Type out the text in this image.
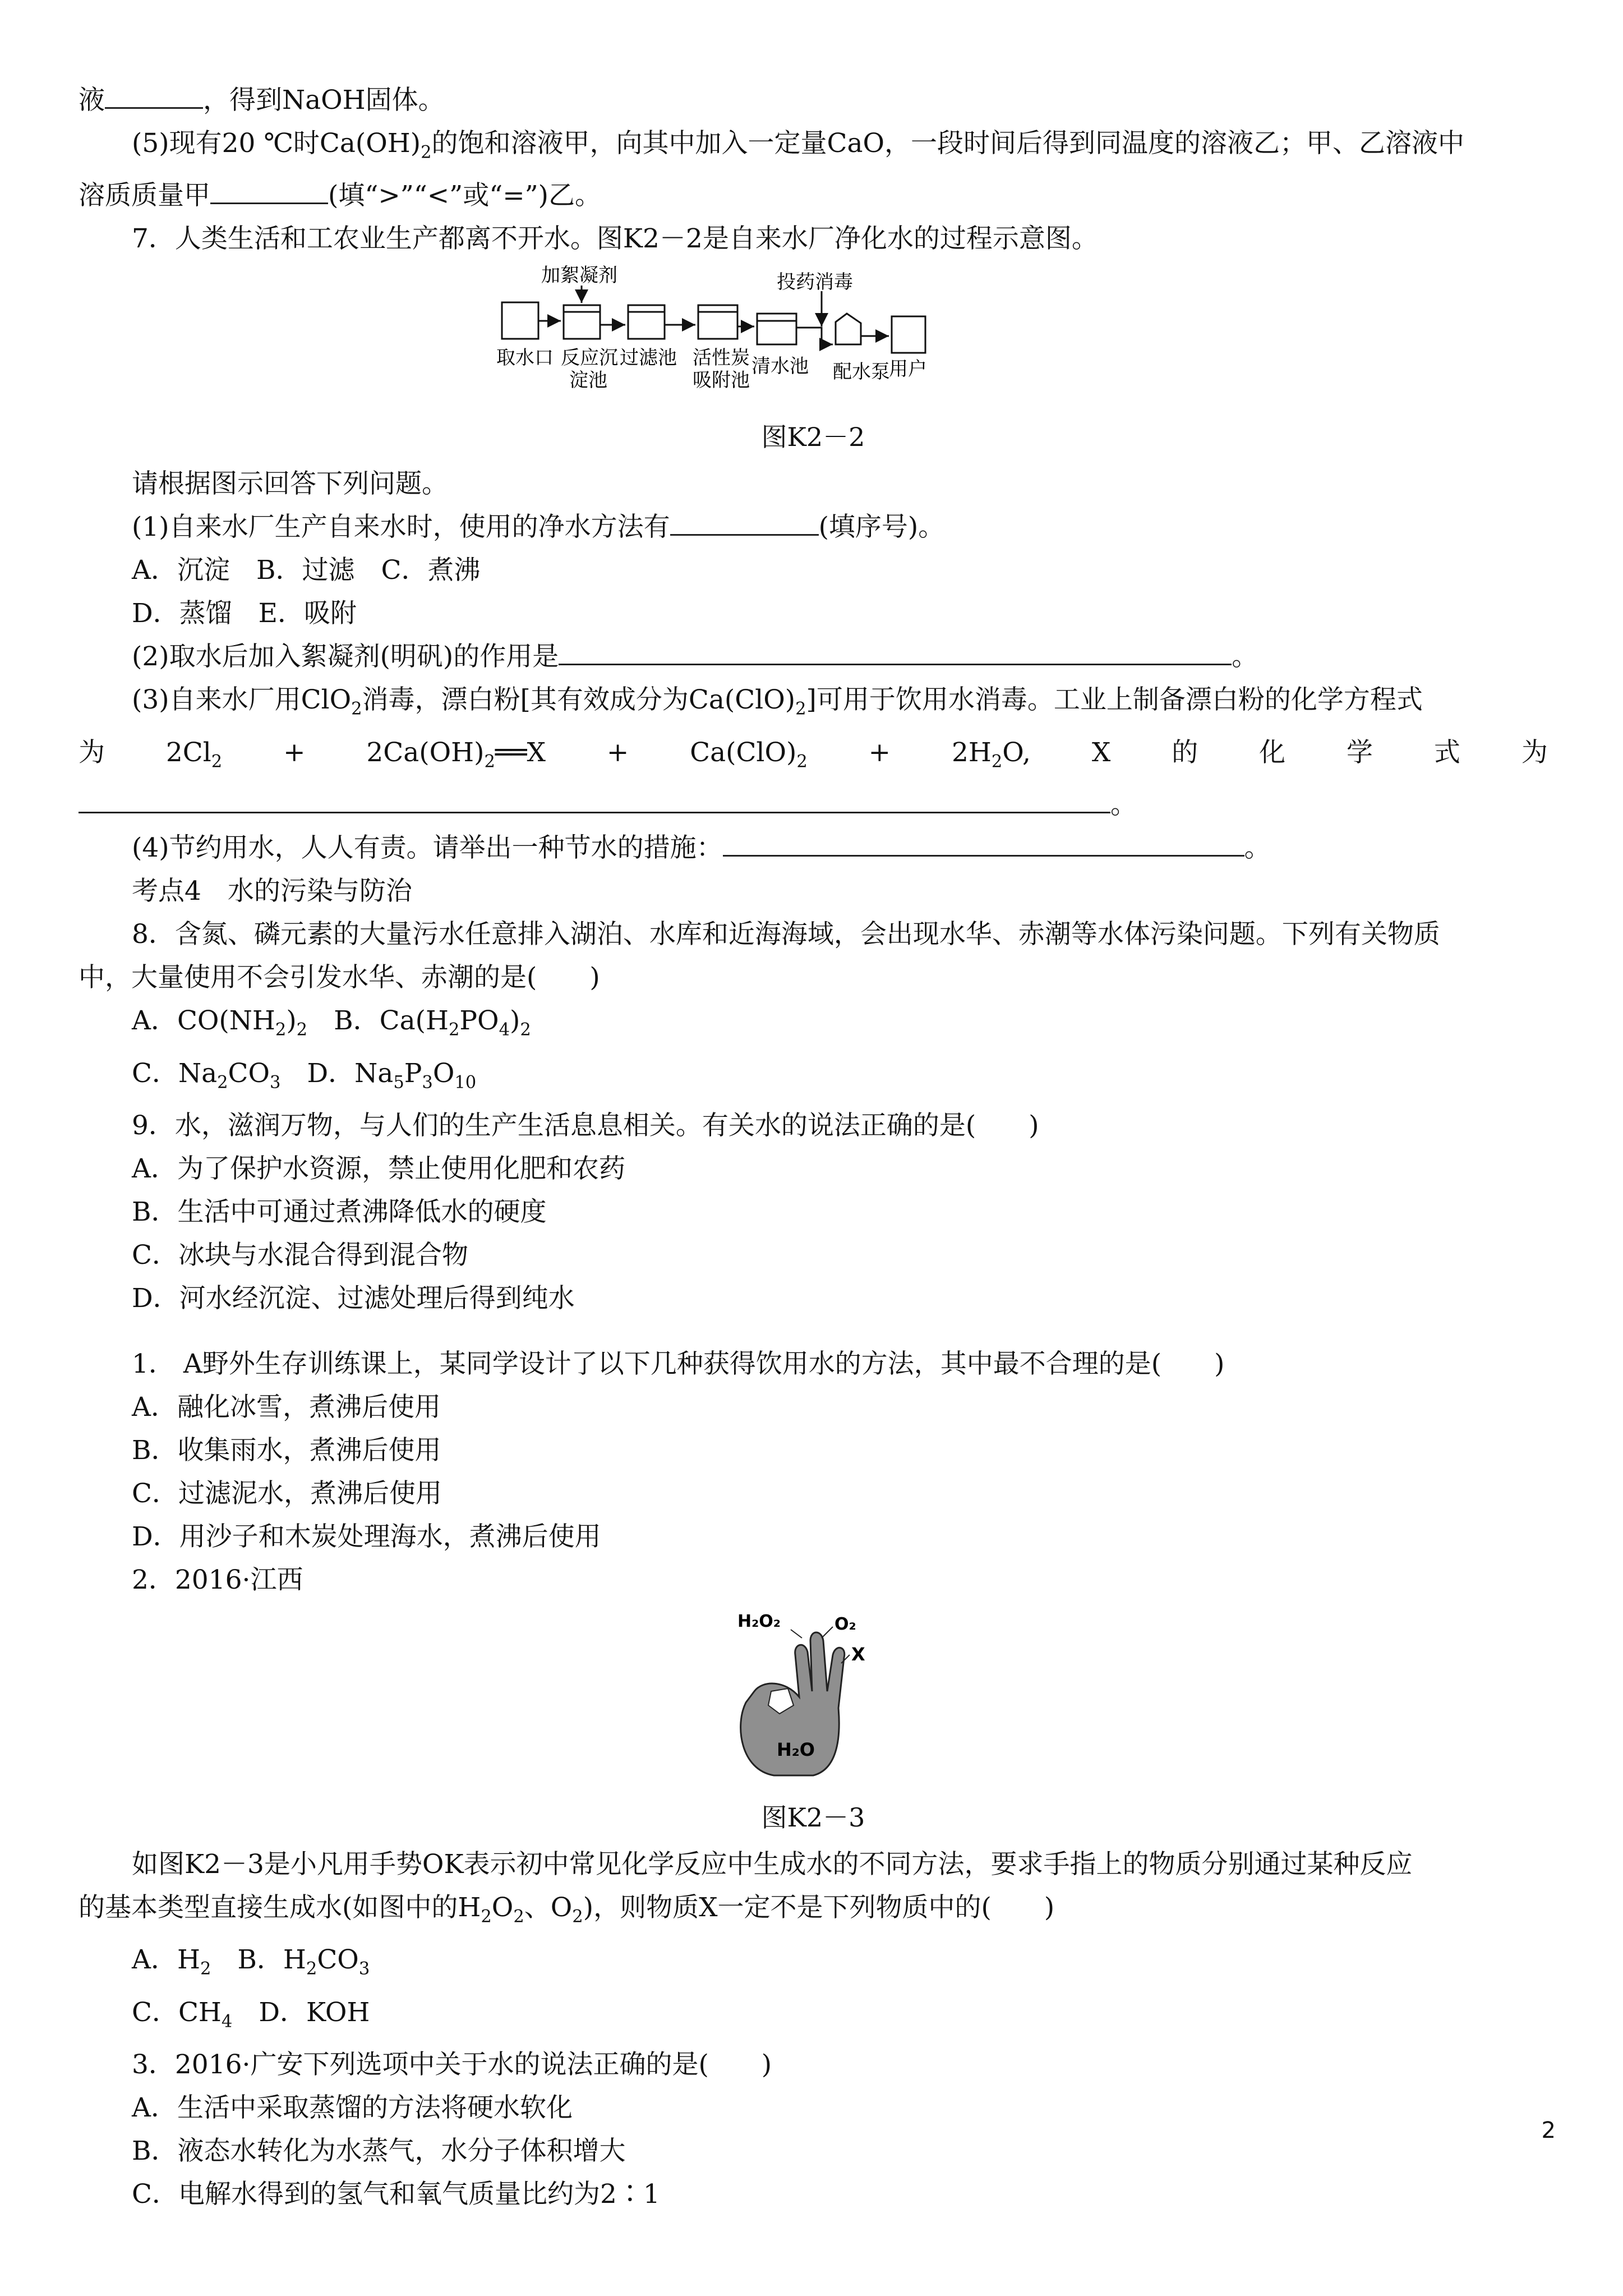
液	，得到NaOH固体。
(5)现有20 ℃时$Ca(OH)_2$的饱和溶液甲，向其中加入一定量CaO，一段时间后得到同温度的溶液乙；甲、乙溶液中
溶质质量甲	(填“>”“<”或“=”)乙。
7．人类生活和工农业生产都离不开水。图K2－2是自来水厂净化水的过程示意图。
加絮凝剂	投药消毒
取水口 反应沉
淀池
过滤池 活性炭
吸附池
清水池 配水泵
用户
图K2－2
请根据图示回答下列问题。
(1)自来水厂生产自来水时，使用的净水方法有	(填序号)。
A．沉淀　B．过滤　C．煮沸
D．蒸馏　E．吸附
(2)取水后加入絮凝剂(明矾)的作用是	。
(3)自来水厂用ClO$_2$消毒，漂白粉[其有效成分为$Ca(ClO)_2$]可用于饮用水消毒。工业上制备漂白粉的化学方程式
为 $2Cl_2$ + $2Ca(OH)_2══X + Ca(ClO)_2 + 2H_2O$, X 的 化 学 式 为
。
(4)节约用水，人人有责。请举出一种节水的措施：	。
考点4　水的污染与防治
8．含氮、磷元素的大量污水任意排入湖泊、水库和近海海域，会出现水华、赤潮等水体污染问题。下列有关物质
中，大量使用不会引发水华、赤潮的是(　　)
A．$CO(NH_2)_2$　B．$Ca(H_2PO_4)_2$
C．$Na_2CO_3$　D．$Na_5P_3O_{10}$
9．水，滋润万物，与人们的生产生活息息相关。有关水的说法正确的是(　　)
A．为了保护水资源，禁止使用化肥和农药
B．生活中可通过煮沸降低水的硬度
C．冰块与水混合得到混合物
D．河水经沉淀、过滤处理后得到纯水
1． A野外生存训练课上，某同学设计了以下几种获得饮用水的方法，其中最不合理的是(　　)
A．融化冰雪，煮沸后使用
B．收集雨水，煮沸后使用
C．过滤泥水，煮沸后使用
D．用沙子和木炭处理海水，煮沸后使用
2．2016·江西
H₂O₂	O₂
X
H₂O
图K2－3
如图K2－3是小凡用手势OK表示初中常见化学反应中生成水的不同方法，要求手指上的物质分别通过某种反应
的基本类型直接生成水(如图中的$H_2O_2$、$O_2$)，则物质X一定不是下列物质中的(　　)
A．$H_2$　B．$H_2CO_3$
C．$CH_4$　D．KOH
3．2016·广安下列选项中关于水的说法正确的是(　　)
A．生活中采取蒸馏的方法将硬水软化
B．液态水转化为水蒸气，水分子体积增大
C．电解水得到的氢气和氧气质量比约为2∶1
2
